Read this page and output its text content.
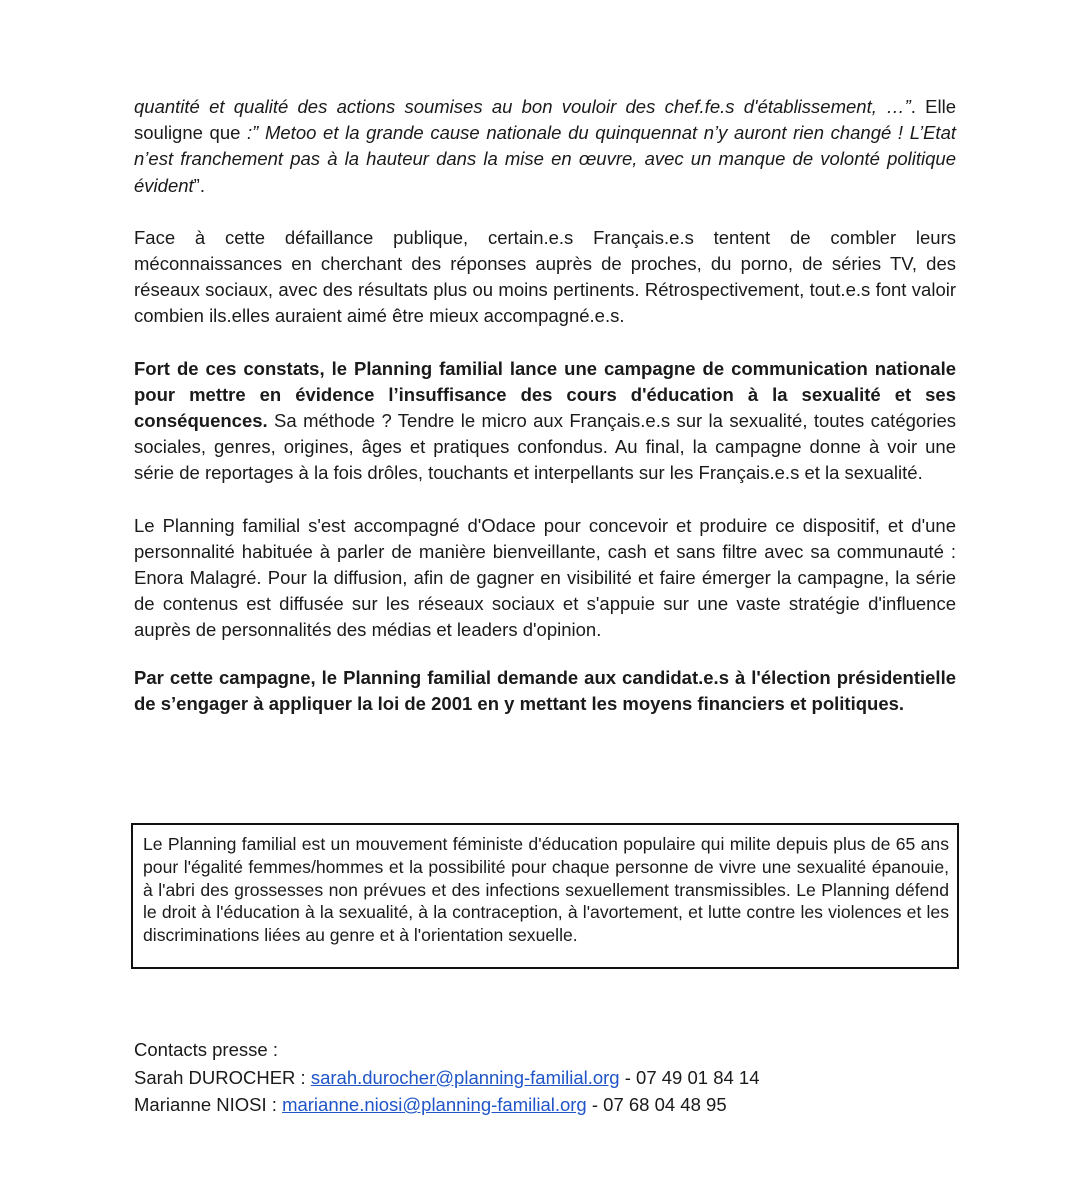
quantité et qualité des actions soumises au bon vouloir des chef.fe.s d'établissement, …”. Elle souligne que :” Metoo et la grande cause nationale du quinquennat n’y auront rien changé ! L’Etat n’est franchement pas à la hauteur dans la mise en œuvre, avec un manque de volonté politique évident”.

Face à cette défaillance publique, certain.e.s Français.e.s tentent de combler leurs méconnaissances en cherchant des réponses auprès de proches, du porno, de séries TV, des réseaux sociaux, avec des résultats plus ou moins pertinents. Rétrospectivement, tout.e.s font valoir combien ils.elles auraient aimé être mieux accompagné.e.s.

Fort de ces constats, le Planning familial lance une campagne de communication nationale pour mettre en évidence l’insuffisance des cours d'éducation à la sexualité et ses conséquences. Sa méthode ? Tendre le micro aux Français.e.s sur la sexualité, toutes catégories sociales, genres, origines, âges et pratiques confondus. Au final, la campagne donne à voir une série de reportages à la fois drôles, touchants et interpellants sur les Français.e.s et la sexualité.

Le Planning familial s'est accompagné d'Odace pour concevoir et produire ce dispositif, et d'une personnalité habituée à parler de manière bienveillante, cash et sans filtre avec sa communauté : Enora Malagré. Pour la diffusion, afin de gagner en visibilité et faire émerger la campagne, la série de contenus est diffusée sur les réseaux sociaux et s'appuie sur une vaste stratégie d'influence auprès de personnalités des médias et leaders d'opinion.

Par cette campagne, le Planning familial demande aux candidat.e.s à l'élection présidentielle de s’engager à appliquer la loi de 2001 en y mettant les moyens financiers et politiques.

Le Planning familial est un mouvement féministe d'éducation populaire qui milite depuis plus de 65 ans pour l'égalité femmes/hommes et la possibilité pour chaque personne de vivre une sexualité épanouie, à l'abri des grossesses non prévues et des infections sexuellement transmissibles. Le Planning défend le droit à l'éducation à la sexualité, à la contraception, à l'avortement, et lutte contre les violences et les discriminations liées au genre et à l'orientation sexuelle.

Contacts presse :
Sarah DUROCHER : sarah.durocher@planning-familial.org - 07 49 01 84 14
Marianne NIOSI : marianne.niosi@planning-familial.org - 07 68 04 48 95
